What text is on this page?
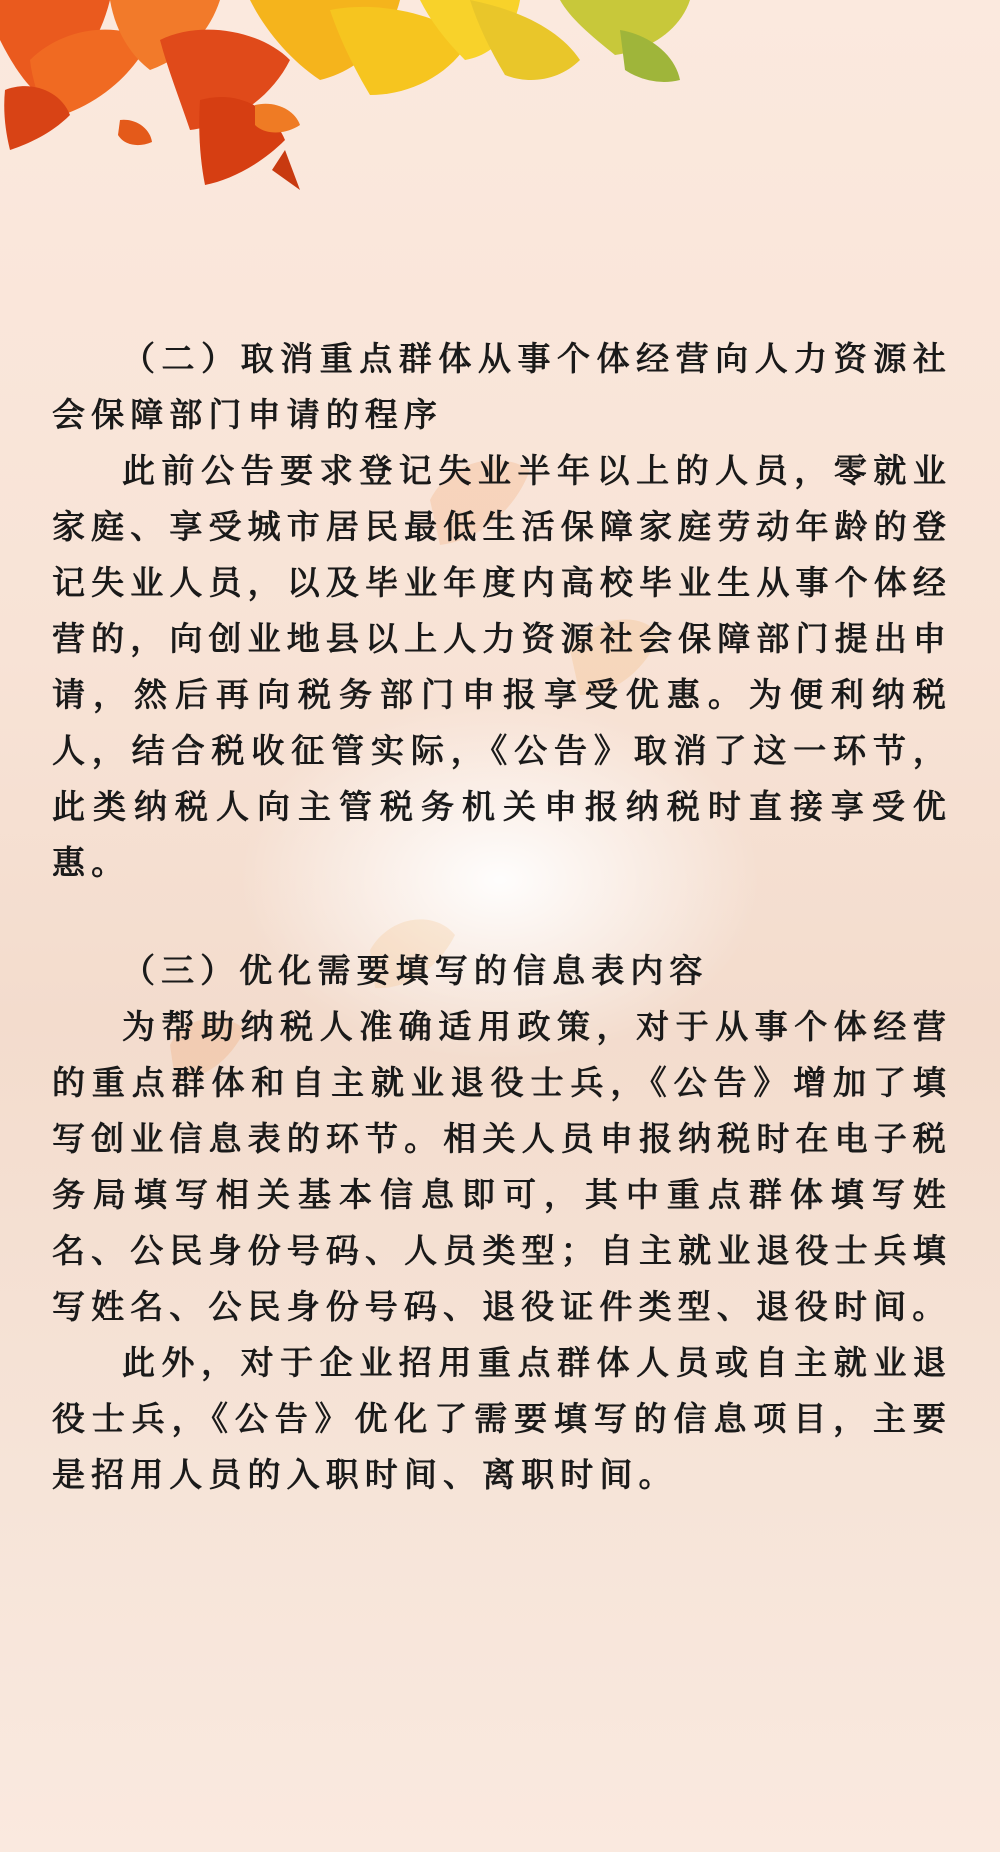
（二）取消重点群体从事个体经营向人力资源社会保障部门申请的程序

此前公告要求登记失业半年以上的人员，零就业家庭、享受城市居民最低生活保障家庭劳动年龄的登记失业人员，以及毕业年度内高校毕业生从事个体经营的，向创业地县以上人力资源社会保障部门提出申请，然后再向税务部门申报享受优惠。为便利纳税人，结合税收征管实际，《公告》取消了这一环节，此类纳税人向主管税务机关申报纳税时直接享受优惠。

（三）优化需要填写的信息表内容

为帮助纳税人准确适用政策，对于从事个体经营的重点群体和自主就业退役士兵，《公告》增加了填写创业信息表的环节。相关人员申报纳税时在电子税务局填写相关基本信息即可，其中重点群体填写姓名、公民身份号码、人员类型；自主就业退役士兵填写姓名、公民身份号码、退役证件类型、退役时间。

此外，对于企业招用重点群体人员或自主就业退役士兵，《公告》优化了需要填写的信息项目，主要是招用人员的入职时间、离职时间。
